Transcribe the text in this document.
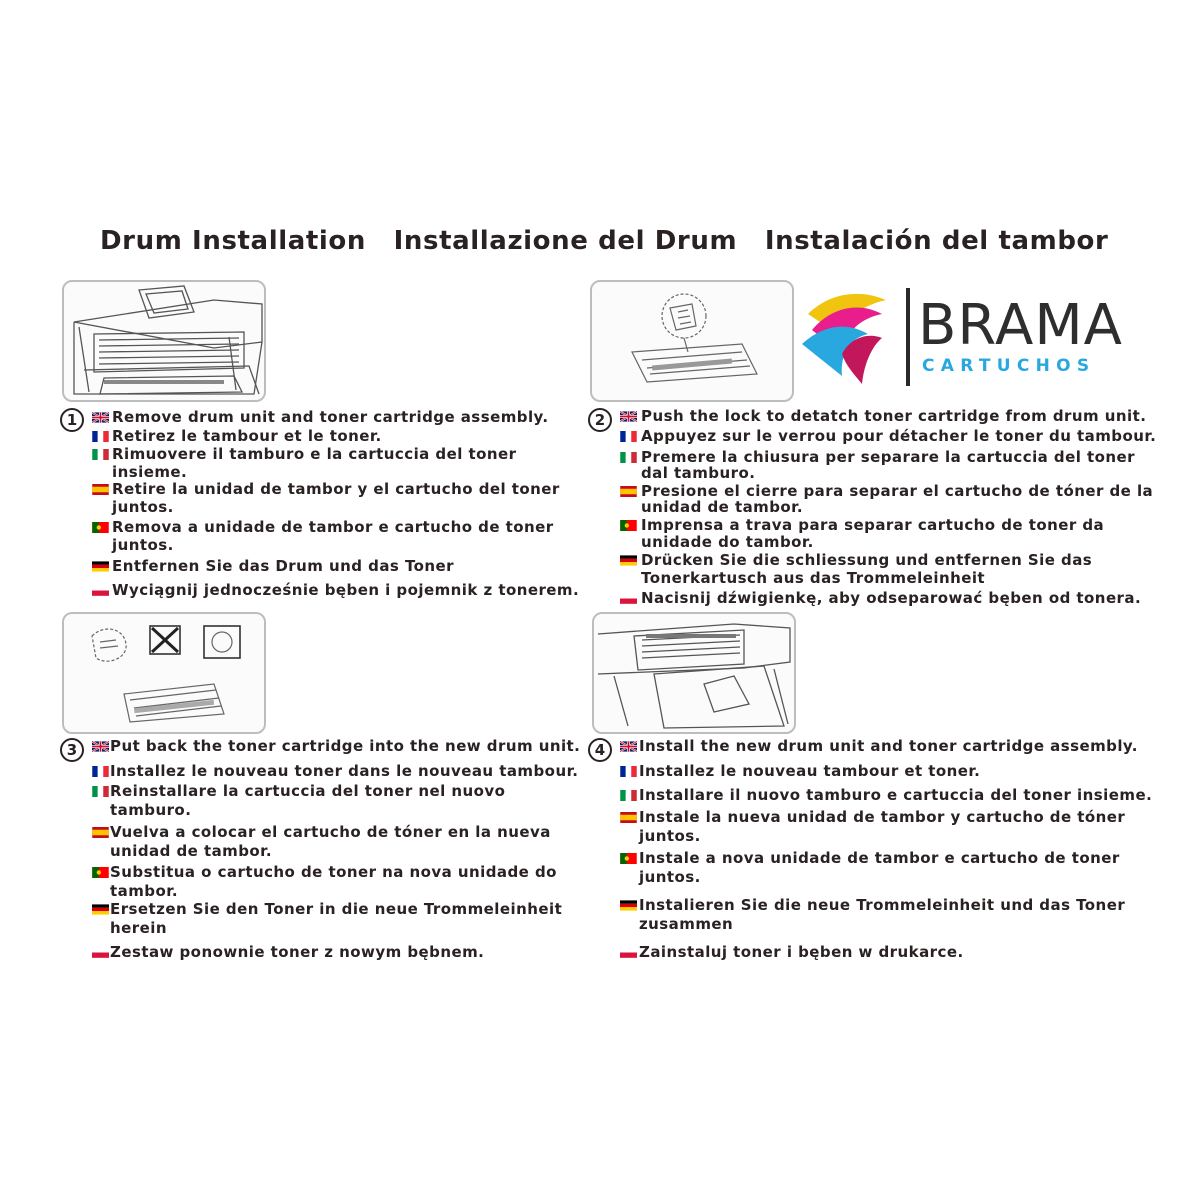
Drum Installation Installazione del Drum Instalación del tambor
BRAMA
CARTUCHOS
1	2
3	4
Remove drum unit and toner cartridge assembly.
Retirez le tambour et le toner.
Rimuovere il tamburo e la cartuccia del toner
insieme.
Retire la unidad de tambor y el cartucho del toner
juntos.
Remova a unidade de tambor e cartucho de toner
juntos.
Entfernen Sie das Drum und das Toner
Wyciągnij jednocześnie bęben i pojemnik z tonerem.
Push the lock to detatch toner cartridge from drum unit.
Appuyez sur le verrou pour détacher le toner du tambour.
Premere la chiusura per separare la cartuccia del toner
dal tamburo.
Presione el cierre para separar el cartucho de tóner de la
unidad de tambor.
Imprensa a trava para separar cartucho de toner da
unidade do tambor.
Drücken Sie die schliessung und entfernen Sie das
Tonerkartusch aus das Trommeleinheit
Nacisnij dźwigienkę, aby odseparować bęben od tonera.
Put back the toner cartridge into the new drum unit.
Installez le nouveau toner dans le nouveau tambour.
Reinstallare la cartuccia del toner nel nuovo
tamburo.
Vuelva a colocar el cartucho de tóner en la nueva
unidad de tambor.
Substitua o cartucho de toner na nova unidade do
tambor.
Ersetzen Sie den Toner in die neue Trommeleinheit
herein
Zestaw ponownie toner z nowym bębnem.
Install the new drum unit and toner cartridge assembly.
Installez le nouveau tambour et toner.
Installare il nuovo tamburo e cartuccia del toner insieme.
Instale la nueva unidad de tambor y cartucho de tóner
juntos.
Instale a nova unidade de tambor e cartucho de toner
juntos.
Instalieren Sie die neue Trommeleinheit und das Toner
zusammen
Zainstaluj toner i bęben w drukarce.
